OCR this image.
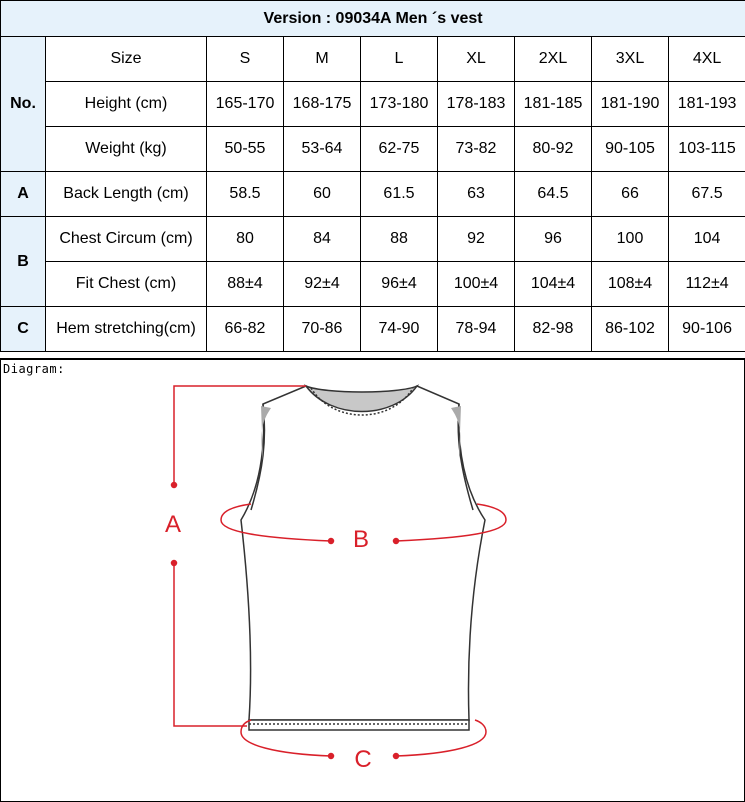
Version : 09034A Men ´s vest								
No.	Size	S	M	L	XL	2XL	3XL	4XL
	Height (cm)	165-170	168-175	173-180	178-183	181-185	181-190	181-193
	Weight (kg)	50-55	53-64	62-75	73-82	80-92	90-105	103-115
A	Back Length (cm)	58.5	60	61.5	63	64.5	66	67.5
B	Chest Circum (cm)	80	84	88	92	96	100	104
	Fit Chest (cm)	88±4	92±4	96±4	100±4	104±4	108±4	112±4
C	Hem stretching(cm)	66-82	70-86	74-90	78-94	82-98	86-102	90-106
Diagram:
A
B
C
